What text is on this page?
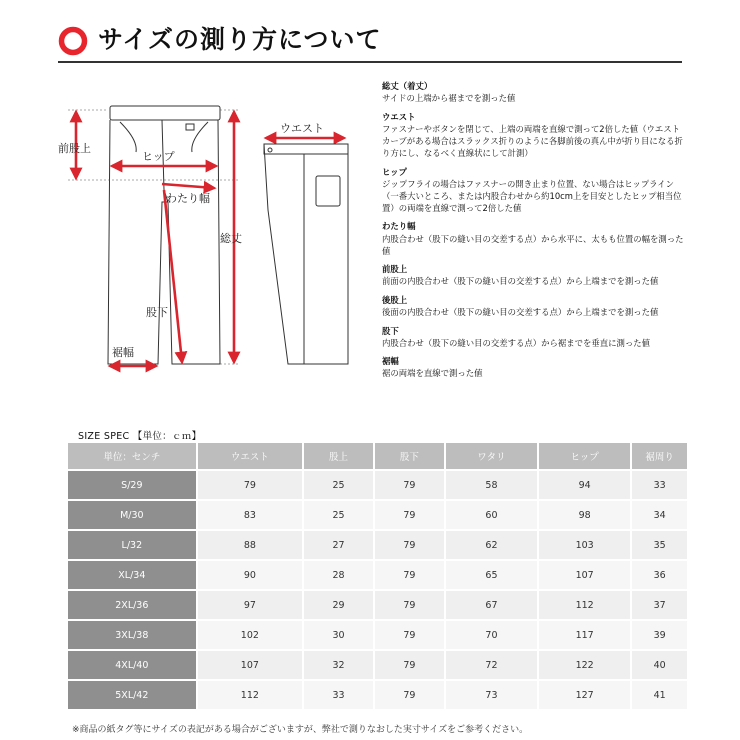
サイズの測り方について
前股上
ヒップ
わたり幅
ウエスト
総丈
股下
裾幅
総丈（着丈）
サイドの上端から裾までを測った値
ウエスト
ファスナーやボタンを閉じて、上端の両端を直線で測って2倍した値（ウエストカーブがある場合はスラックス折りのように各脚前後の真ん中が折り目になる折り方にし、なるべく直線状にして計測）
ヒップ
ジップフライの場合はファスナーの開き止まり位置、ない場合はヒップライン（一番大いところ、または内股合わせから約10cm上を目安としたヒップ相当位置）の両端を直線で測って2倍した値
わたり幅
内股合わせ（股下の縫い目の交差する点）から水平に、太もも位置の幅を測った値
前股上
前面の内股合わせ（股下の縫い目の交差する点）から上端までを測った値
後股上
後面の内股合わせ（股下の縫い目の交差する点）から上端までを測った値
股下
内股合わせ（股下の縫い目の交差する点）から裾までを垂直に測った値
裾幅
裾の両端を直線で測った値
SIZE SPEC 【単位：ｃｍ】
単位：センチ	ウエスト	股上	股下	ワタリ	ヒップ	裾周り
S/29	79	25	79	58	94	33
M/30	83	25	79	60	98	34
L/32	88	27	79	62	103	35
XL/34	90	28	79	65	107	36
2XL/36	97	29	79	67	112	37
3XL/38	102	30	79	70	117	39
4XL/40	107	32	79	72	122	40
5XL/42	112	33	79	73	127	41
※商品の紙タグ等にサイズの表記がある場合がございますが、弊社で測りなおした実寸サイズをご参考ください。
